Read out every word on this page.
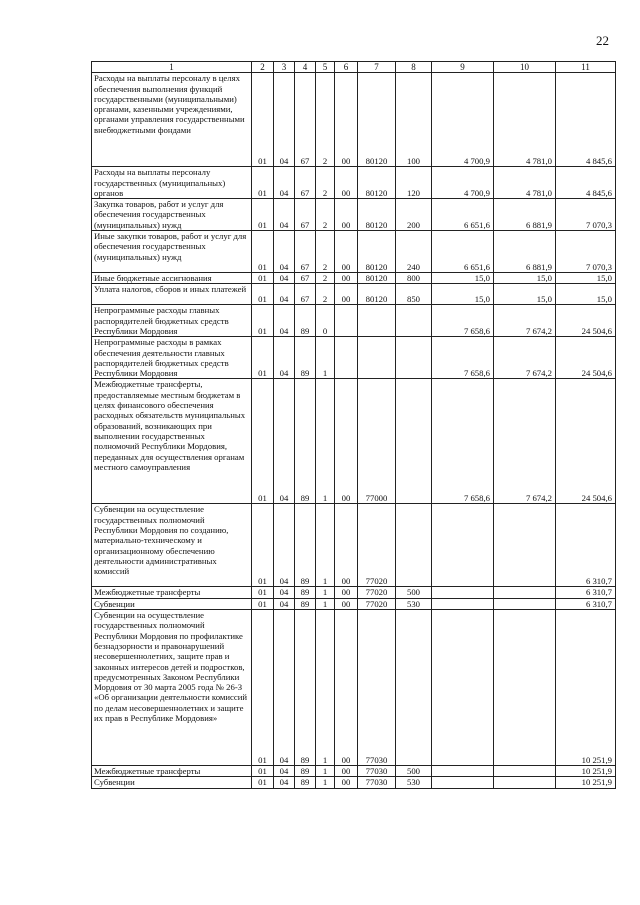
22
1	2	3	4	5	6	7	8	9	10	11
Расходы на выплаты персоналу в целях обеспечения выполнения функций государственными (муниципальными) органами, казенными учреждениями, органами управления государственными внебюджетными фондами	01	04	67	2	00	80120	100	4 700,9	4 781,0	4 845,6
Расходы на выплаты персоналу государственных (муниципальных) органов	01	04	67	2	00	80120	120	4 700,9	4 781,0	4 845,6
Закупка товаров, работ и услуг для обеспечения государственных (муниципальных) нужд	01	04	67	2	00	80120	200	6 651,6	6 881,9	7 070,3
Иные закупки товаров, работ и услуг для обеспечения государственных (муниципальных) нужд	01	04	67	2	00	80120	240	6 651,6	6 881,9	7 070,3
Иные бюджетные ассигнования	01	04	67	2	00	80120	800	15,0	15,0	15,0
Уплата налогов, сборов и иных платежей	01	04	67	2	00	80120	850	15,0	15,0	15,0
Непрограммные расходы главных распорядителей бюджетных средств Республики Мордовия	01	04	89	0				7 658,6	7 674,2	24 504,6
Непрограммные расходы в рамках обеспечения деятельности главных распорядителей бюджетных средств Республики Мордовия	01	04	89	1				7 658,6	7 674,2	24 504,6
Межбюджетные трансферты, предоставляемые местным бюджетам в целях финансового обеспечения расходных обязательств муниципальных образований, возникающих при выполнении государственных полномочий Республики Мордовия, переданных для осуществления органам местного самоуправления	01	04	89	1	00	77000		7 658,6	7 674,2	24 504,6
Субвенции на осуществление государственных полномочий Республики Мордовия по созданию, материально-техническому и организационному обеспечению деятельности административных комиссий	01	04	89	1	00	77020				6 310,7
Межбюджетные трансферты	01	04	89	1	00	77020	500			6 310,7
Субвенции	01	04	89	1	00	77020	530			6 310,7
Субвенции на осуществление государственных полномочий Республики Мордовия по профилактике безнадзорности и правонарушений несовершеннолетних, защите прав и законных интересов детей и подростков, предусмотренных Законом Республики Мордовия от 30 марта 2005 года № 26-З «Об организации деятельности комиссий по делам несовершеннолетних и защите их прав в Республике Мордовия»	01	04	89	1	00	77030				10 251,9
Межбюджетные трансферты	01	04	89	1	00	77030	500			10 251,9
Субвенции	01	04	89	1	00	77030	530			10 251,9
